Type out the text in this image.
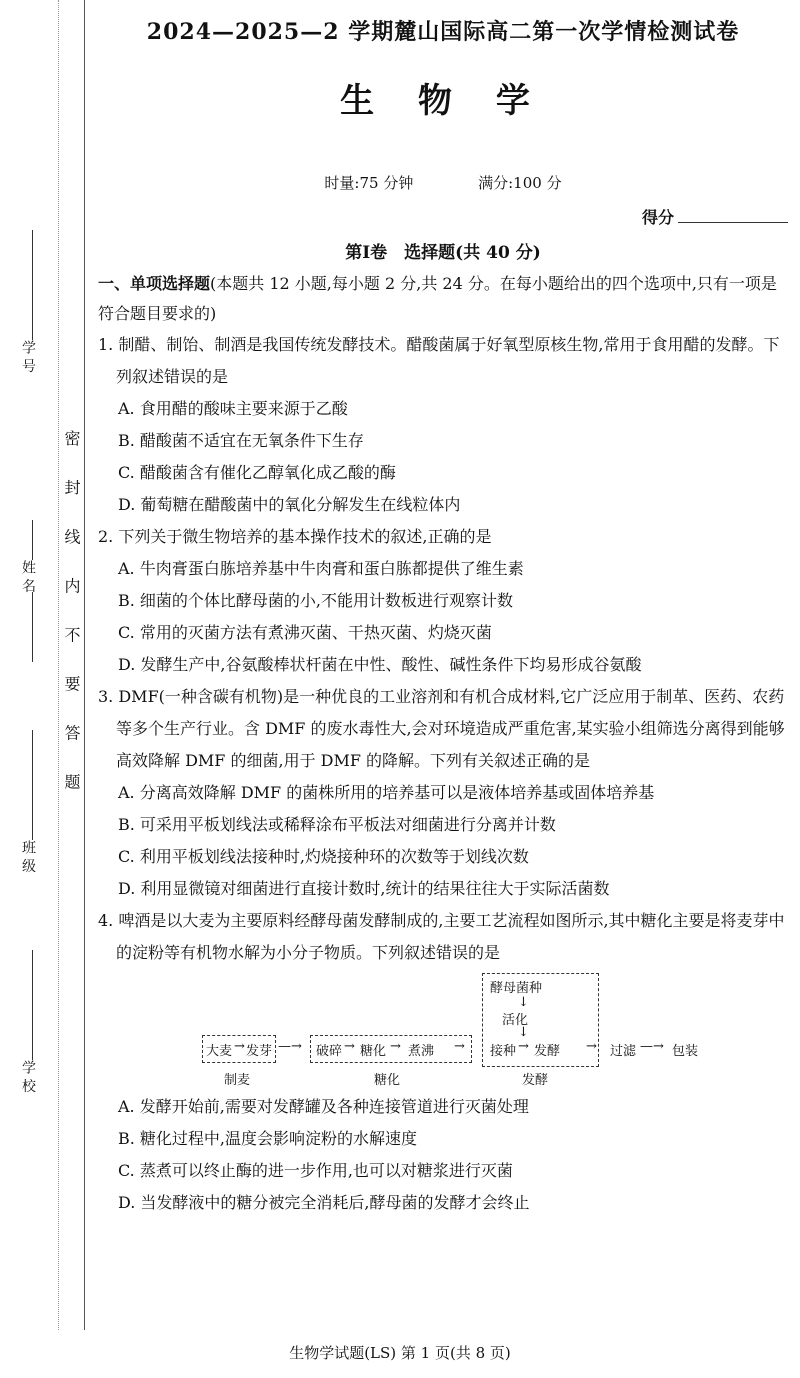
学 号
姓 名
班 级
学 校
密 封 线 内 不 要 答 题
2024—2025—2 学期麓山国际高二第一次学情检测试卷
生 物 学
时量:75 分钟	满分:100 分
得分
第Ⅰ卷　选择题(共 40 分)

一、单项选择题(本题共 12 小题,每小题 2 分,共 24 分。在每小题给出的四个选项中,只有一项是符合题目要求的)

1. 制醋、制饴、制酒是我国传统发酵技术。醋酸菌属于好氧型原核生物,常用于食用醋的发酵。下列叙述错误的是
A. 食用醋的酸味主要来源于乙酸
B. 醋酸菌不适宜在无氧条件下生存
C. 醋酸菌含有催化乙醇氧化成乙酸的酶
D. 葡萄糖在醋酸菌中的氧化分解发生在线粒体内
2. 下列关于微生物培养的基本操作技术的叙述,正确的是
A. 牛肉膏蛋白胨培养基中牛肉膏和蛋白胨都提供了维生素
B. 细菌的个体比酵母菌的小,不能用计数板进行观察计数
C. 常用的灭菌方法有煮沸灭菌、干热灭菌、灼烧灭菌
D. 发酵生产中,谷氨酸棒状杆菌在中性、酸性、碱性条件下均易形成谷氨酸
3. DMF(一种含碳有机物)是一种优良的工业溶剂和有机合成材料,它广泛应用于制革、医药、农药等多个生产行业。含 DMF 的废水毒性大,会对环境造成严重危害,某实验小组筛选分离得到能够高效降解 DMF 的细菌,用于 DMF 的降解。下列有关叙述正确的是
A. 分离高效降解 DMF 的菌株所用的培养基可以是液体培养基或固体培养基
B. 可采用平板划线法或稀释涂布平板法对细菌进行分离并计数
C. 利用平板划线法接种时,灼烧接种环的次数等于划线次数
D. 利用显微镜对细菌进行直接计数时,统计的结果往往大于实际活菌数
4. 啤酒是以大麦为主要原料经酵母菌发酵制成的,主要工艺流程如图所示,其中糖化主要是将麦芽中的淀粉等有机物水解为小分子物质。下列叙述错误的是
酵母菌种
↓
活化
↓
大麦 → 发芽 —→ 破碎 → 糖化 → 煮沸 → 接种 → 发酵 → 过滤 —→ 包装
制麦	糖化	发酵
A. 发酵开始前,需要对发酵罐及各种连接管道进行灭菌处理
B. 糖化过程中,温度会影响淀粉的水解速度
C. 蒸煮可以终止酶的进一步作用,也可以对糖浆进行灭菌
D. 当发酵液中的糖分被完全消耗后,酵母菌的发酵才会终止
生物学试题(LS) 第 1 页(共 8 页)
